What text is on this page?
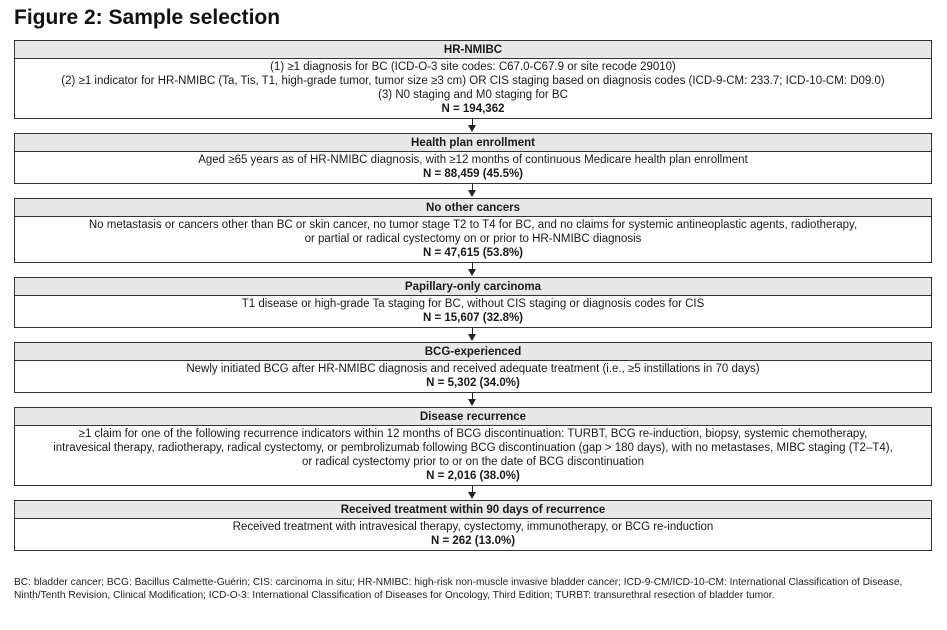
Figure 2: Sample selection
HR-NMIBC
(1) ≥1 diagnosis for BC (ICD-O-3 site codes: C67.0-C67.9 or site recode 29010)
(2) ≥1 indicator for HR-NMIBC (Ta, Tis, T1, high-grade tumor, tumor size ≥3 cm) OR CIS staging based on diagnosis codes (ICD-9-CM: 233.7; ICD-10-CM: D09.0)
(3) N0 staging and M0 staging for BC
N = 194,362
Health plan enrollment
Aged ≥65 years as of HR-NMIBC diagnosis, with ≥12 months of continuous Medicare health plan enrollment
N = 88,459 (45.5%)
No other cancers
No metastasis or cancers other than BC or skin cancer, no tumor stage T2 to T4 for BC, and no claims for systemic antineoplastic agents, radiotherapy,
or partial or radical cystectomy on or prior to HR-NMIBC diagnosis
N = 47,615 (53.8%)
Papillary-only carcinoma
T1 disease or high-grade Ta staging for BC, without CIS staging or diagnosis codes for CIS
N = 15,607 (32.8%)
BCG-experienced
Newly initiated BCG after HR-NMIBC diagnosis and received adequate treatment (i.e., ≥5 instillations in 70 days)
N = 5,302 (34.0%)
Disease recurrence
≥1 claim for one of the following recurrence indicators within 12 months of BCG discontinuation: TURBT, BCG re-induction, biopsy, systemic chemotherapy,
intravesical therapy, radiotherapy, radical cystectomy, or pembrolizumab following BCG discontinuation (gap > 180 days), with no metastases, MIBC staging (T2–T4),
or radical cystectomy prior to or on the date of BCG discontinuation
N = 2,016 (38.0%)
Received treatment within 90 days of recurrence
Received treatment with intravesical therapy, cystectomy, immunotherapy, or BCG re-induction
N = 262 (13.0%)
BC: bladder cancer; BCG: Bacillus Calmette-Guérin; CIS: carcinoma in situ; HR-NMIBC: high-risk non-muscle invasive bladder cancer; ICD-9-CM/ICD-10-CM: International Classification of Disease, Ninth/Tenth Revision, Clinical Modification; ICD-O-3: International Classification of Diseases for Oncology, Third Edition; TURBT: transurethral resection of bladder tumor.
